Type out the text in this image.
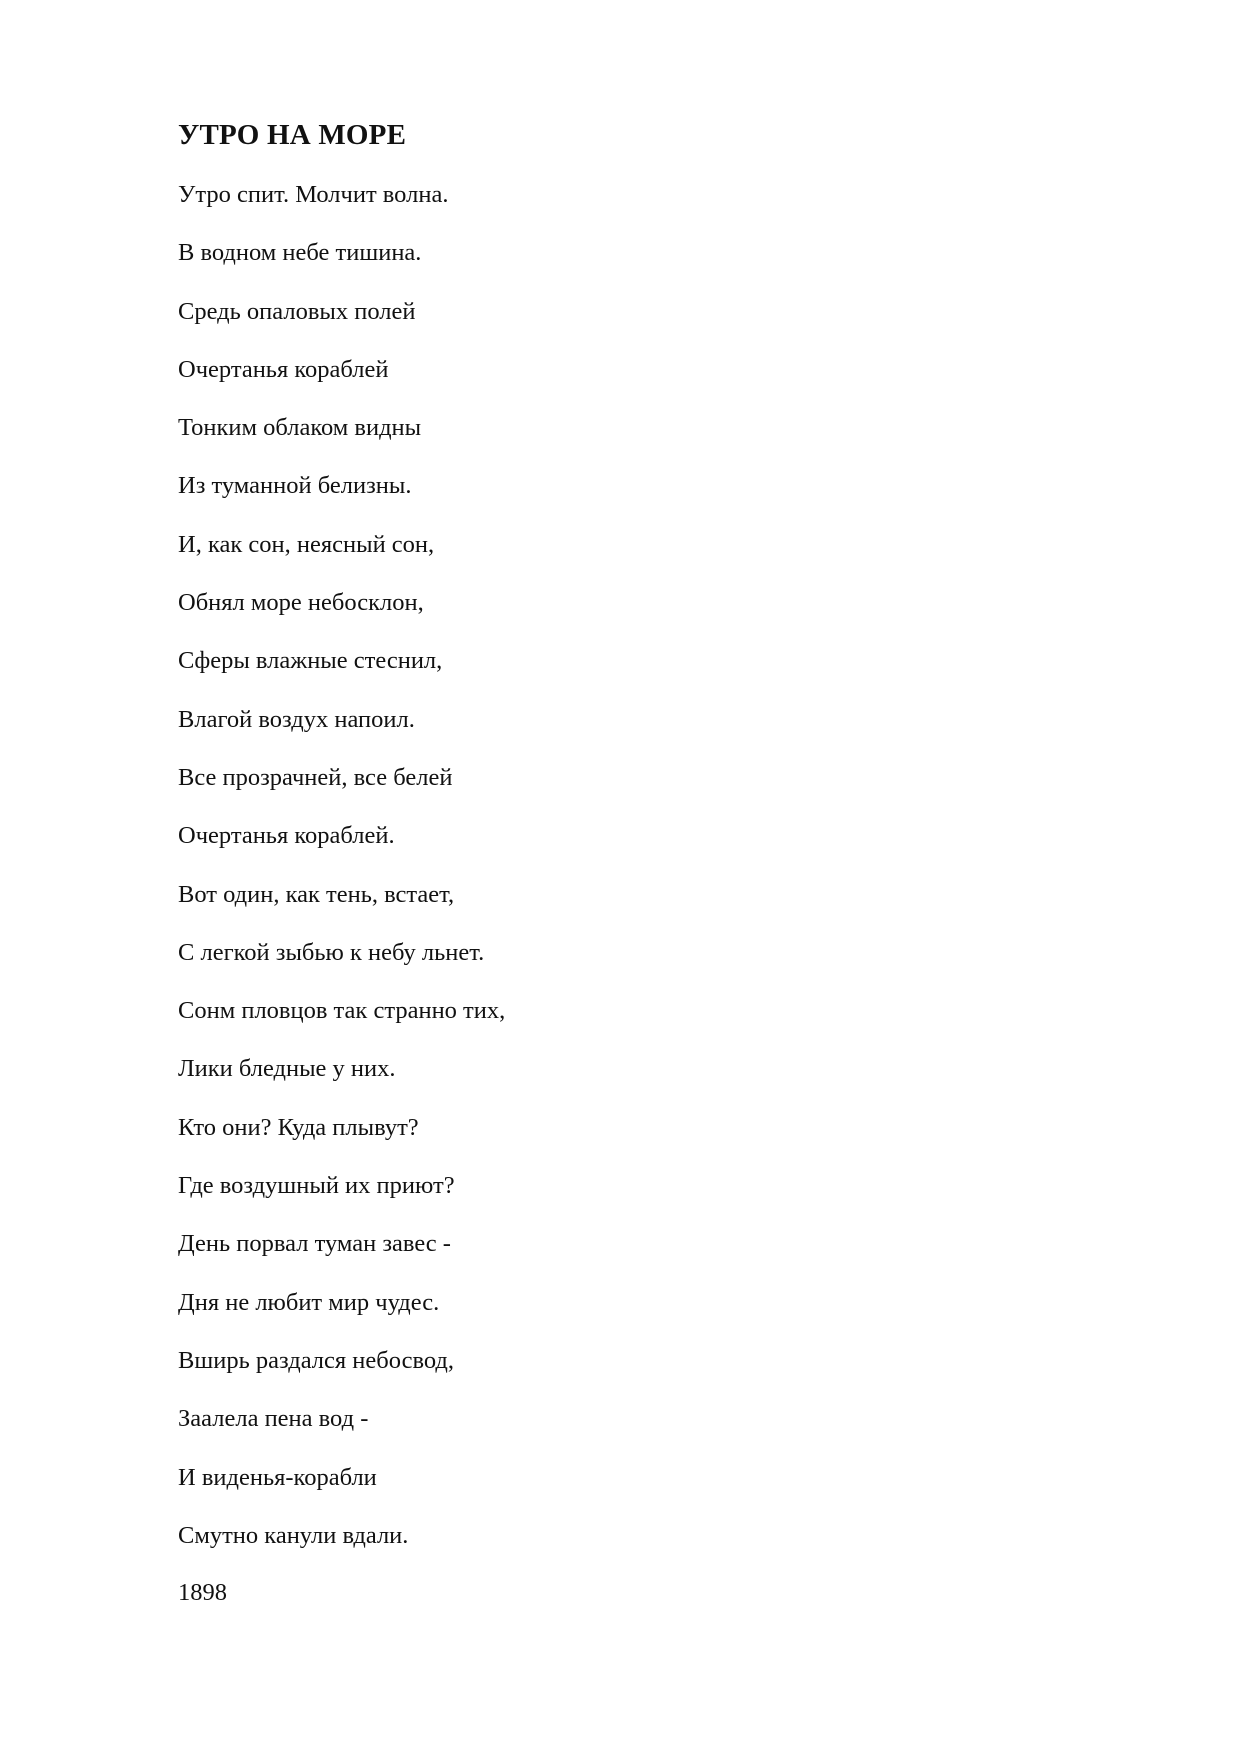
УТРО НА МОРЕ
Утро спит. Молчит волна.
В водном небе тишина.
Средь опаловых полей
Очертанья кораблей
Тонким облаком видны
Из туманной белизны.
И, как сон, неясный сон,
Обнял море небосклон,
Сферы влажные стеснил,
Влагой воздух напоил.
Все прозрачней, все белей
Очертанья кораблей.
Вот один, как тень, встает,
С легкой зыбью к небу льнет.
Сонм пловцов так странно тих,
Лики бледные у них.
Кто они? Куда плывут?
Где воздушный их приют?
День порвал туман завес -
Дня не любит мир чудес.
Вширь раздался небосвод,
Заалела пена вод -
И виденья-корабли
Смутно канули вдали.

1898
